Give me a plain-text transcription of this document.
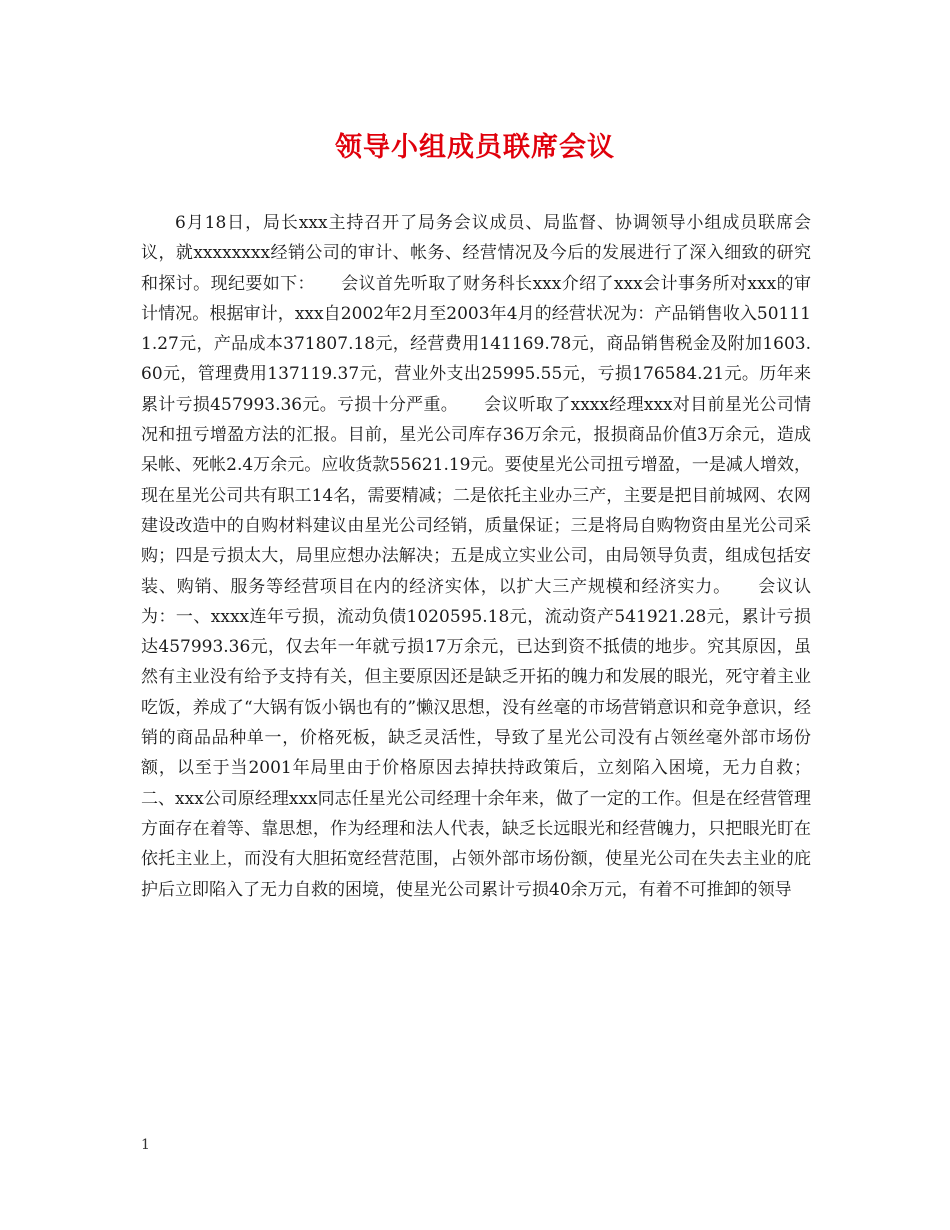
领导小组成员联席会议

6月18日，局长xxx主持召开了局务会议成员、局监督、协调领导小组成员联席会议，就xxxxxxxx经销公司的审计、帐务、经营情况及今后的发展进行了深入细致的研究和探讨。现纪要如下：　　会议首先听取了财务科长xxx介绍了xxx会计事务所对xxx的审计情况。根据审计，xxx自2002年2月至2003年4月的经营状况为：产品销售收入501111.27元，产品成本371807.18元，经营费用141169.78元，商品销售税金及附加1603.60元，管理费用137119.37元，营业外支出25995.55元，亏损176584.21元。历年来累计亏损457993.36元。亏损十分严重。　　会议听取了xxxx经理xxx对目前星光公司情况和扭亏增盈方法的汇报。目前，星光公司库存36万余元，报损商品价值3万余元，造成呆帐、死帐2.4万余元。应收货款55621.19元。要使星光公司扭亏增盈，一是减人增效，现在星光公司共有职工14名，需要精减；二是依托主业办三产，主要是把目前城网、农网建设改造中的自购材料建议由星光公司经销，质量保证；三是将局自购物资由星光公司采购；四是亏损太大，局里应想办法解决；五是成立实业公司，由局领导负责，组成包括安装、购销、服务等经营项目在内的经济实体，以扩大三产规模和经济实力。　　会议认为：一、xxxx连年亏损，流动负债1020595.18元，流动资产541921.28元，累计亏损达457993.36元，仅去年一年就亏损17万余元，已达到资不抵债的地步。究其原因，虽然有主业没有给予支持有关，但主要原因还是缺乏开拓的魄力和发展的眼光，死守着主业吃饭，养成了“大锅有饭小锅也有的”懒汉思想，没有丝毫的市场营销意识和竞争意识，经销的商品品种单一，价格死板，缺乏灵活性，导致了星光公司没有占领丝毫外部市场份额，以至于当2001年局里由于价格原因去掉扶持政策后，立刻陷入困境，无力自救；二、xxx公司原经理xxx同志任星光公司经理十余年来，做了一定的工作。但是在经营管理方面存在着等、靠思想，作为经理和法人代表，缺乏长远眼光和经营魄力，只把眼光盯在依托主业上，而没有大胆拓宽经营范围，占领外部市场份额，使星光公司在失去主业的庇护后立即陷入了无力自救的困境，使星光公司累计亏损40余万元，有着不可推卸的领导

1
